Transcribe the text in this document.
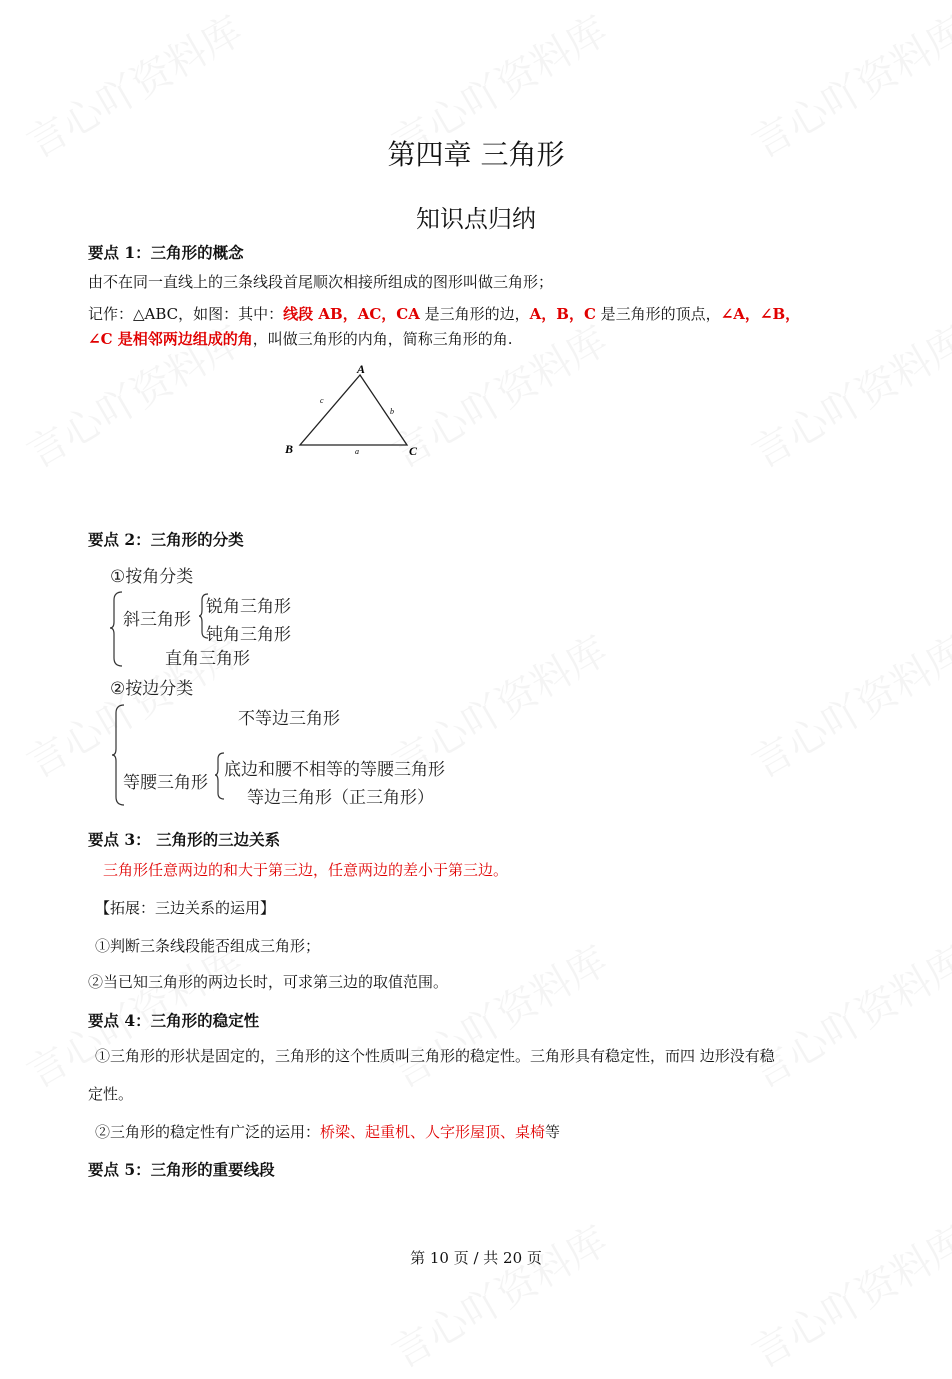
第四章 三角形
知识点归纳
要点 1：三角形的概念
由不在同一直线上的三条线段首尾顺次相接所组成的图形叫做三角形；
记作：△ABC，如图：其中：线段 AB，AC，CA 是三角形的边，A，B，C 是三角形的顶点，∠A，∠B，
∠C 是相邻两边组成的角，叫做三角形的内角，简称三角形的角.
A
B	C
a
b
c
要点 2：三角形的分类
①按角分类
斜三角形
锐角三角形
钝角三角形
直角三角形
②按边分类
不等边三角形
等腰三角形
底边和腰不相等的等腰三角形
等边三角形（正三角形）
要点 3： 三角形的三边关系
三角形任意两边的和大于第三边，任意两边的差小于第三边。
【拓展：三边关系的运用】
①判断三条线段能否组成三角形；
②当已知三角形的两边长时，可求第三边的取值范围。
要点 4：三角形的稳定性
①三角形的形状是固定的，三角形的这个性质叫三角形的稳定性。三角形具有稳定性，而四 边形没有稳
定性。
②三角形的稳定性有广泛的运用：桥梁、起重机、人字形屋顶、桌椅等
要点 5：三角形的重要线段
第 10 页 / 共 20 页
